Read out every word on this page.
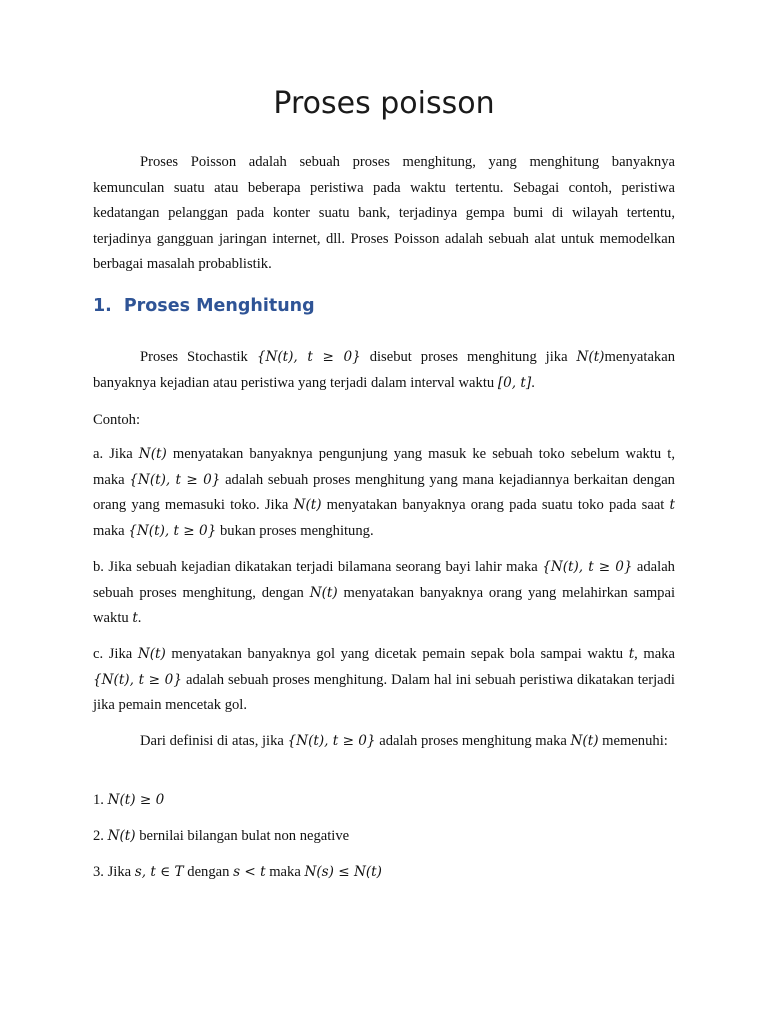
Proses poisson

Proses Poisson adalah sebuah proses menghitung, yang menghitung banyaknya kemunculan suatu atau beberapa peristiwa pada waktu tertentu. Sebagai contoh, peristiwa kedatangan pelanggan pada konter suatu bank, terjadinya gempa bumi di wilayah tertentu, terjadinya gangguan jaringan internet, dll. Proses Poisson adalah sebuah alat untuk memodelkan berbagai masalah probablistik.

1. Proses Menghitung

Proses Stochastik {N(t), t ≥ 0} disebut proses menghitung jika N(t)menyatakan banyaknya kejadian atau peristiwa yang terjadi dalam interval waktu [0, t].

Contoh:

a. Jika N(t) menyatakan banyaknya pengunjung yang masuk ke sebuah toko sebelum waktu t, maka {N(t), t ≥ 0} adalah sebuah proses menghitung yang mana kejadiannya berkaitan dengan orang yang memasuki toko. Jika N(t) menyatakan banyaknya orang pada suatu toko pada saat t maka {N(t), t ≥ 0} bukan proses menghitung.

b. Jika sebuah kejadian dikatakan terjadi bilamana seorang bayi lahir maka {N(t), t ≥ 0} adalah sebuah proses menghitung, dengan N(t) menyatakan banyaknya orang yang melahirkan sampai waktu t.

c. Jika N(t) menyatakan banyaknya gol yang dicetak pemain sepak bola sampai waktu t, maka {N(t), t ≥ 0} adalah sebuah proses menghitung. Dalam hal ini sebuah peristiwa dikatakan terjadi jika pemain mencetak gol.

Dari definisi di atas, jika {N(t), t ≥ 0} adalah proses menghitung maka N(t) memenuhi:

1. N(t) ≥ 0

2. N(t) bernilai bilangan bulat non negative

3. Jika s, t ∈ T dengan s < t maka N(s) ≤ N(t)
